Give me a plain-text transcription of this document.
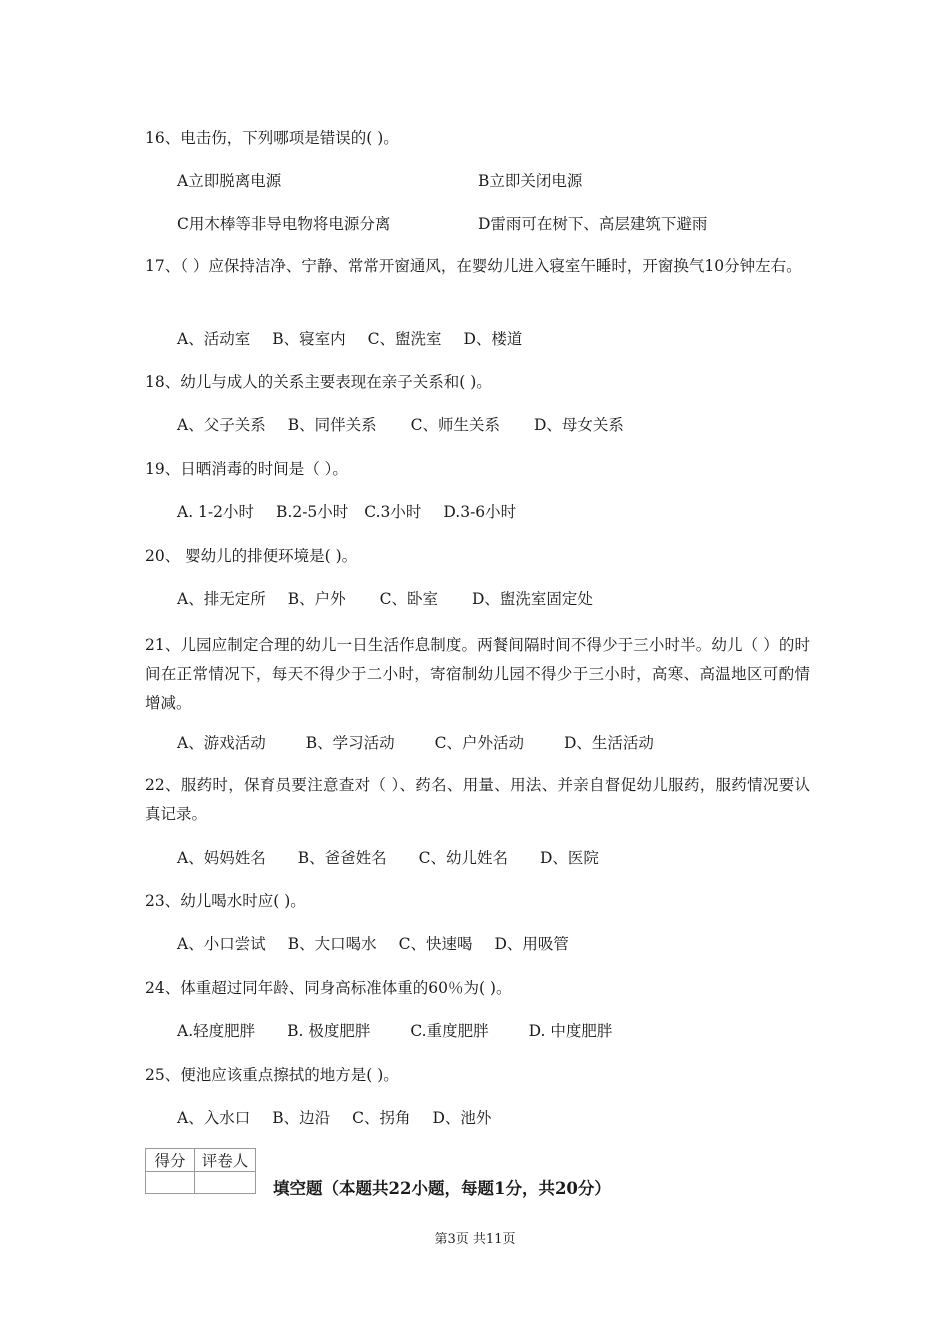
16、电击伤，下列哪项是错误的( )。
A立即脱离电源	B立即关闭电源
C用木棒等非导电物将电源分离	D雷雨可在树下、高层建筑下避雨
17、（ ）应保持洁净、宁静、常常开窗通风，在婴幼儿进入寝室午睡时，开窗换气10分钟左右。
A、活动室 B、寝室内 C、盥洗室 D、楼道
18、幼儿与成人的关系主要表现在亲子关系和( )。
A、父子关系 B、同伴关系 C、师生关系 D、母女关系
19、日晒消毒的时间是（ ）。
A. 1-2小时 B.2-5小时 C.3小时 D.3-6小时
20、 婴幼儿的排便环境是( )。
A、排无定所 B、户外 C、卧室 D、盥洗室固定处
21、儿园应制定合理的幼儿一日生活作息制度。两餐间隔时间不得少于三小时半。幼儿（ ）的时间在正常情况下，每天不得少于二小时，寄宿制幼儿园不得少于三小时，高寒、高温地区可酌情增减。
A、游戏活动	B、学习活动	C、户外活动	D、生活活动
22、服药时，保育员要注意查对（ ）、药名、用量、用法、并亲自督促幼儿服药，服药情况要认真记录。
A、妈妈姓名 B、爸爸姓名 C、幼儿姓名 D、医院
23、幼儿喝水时应( )。
A、小口尝试 B、大口喝水 C、快速喝 D、用吸管
24、体重超过同年龄、同身高标准体重的60％为( )。
A.轻度肥胖 B. 极度肥胖	C.重度肥胖	D. 中度肥胖
25、便池应该重点擦拭的地方是( )。
A、入水口 B、边沿 C、拐角 D、池外
得分	评卷人

填空题（本题共22小题，每题1分，共20分）
第3页 共11页
